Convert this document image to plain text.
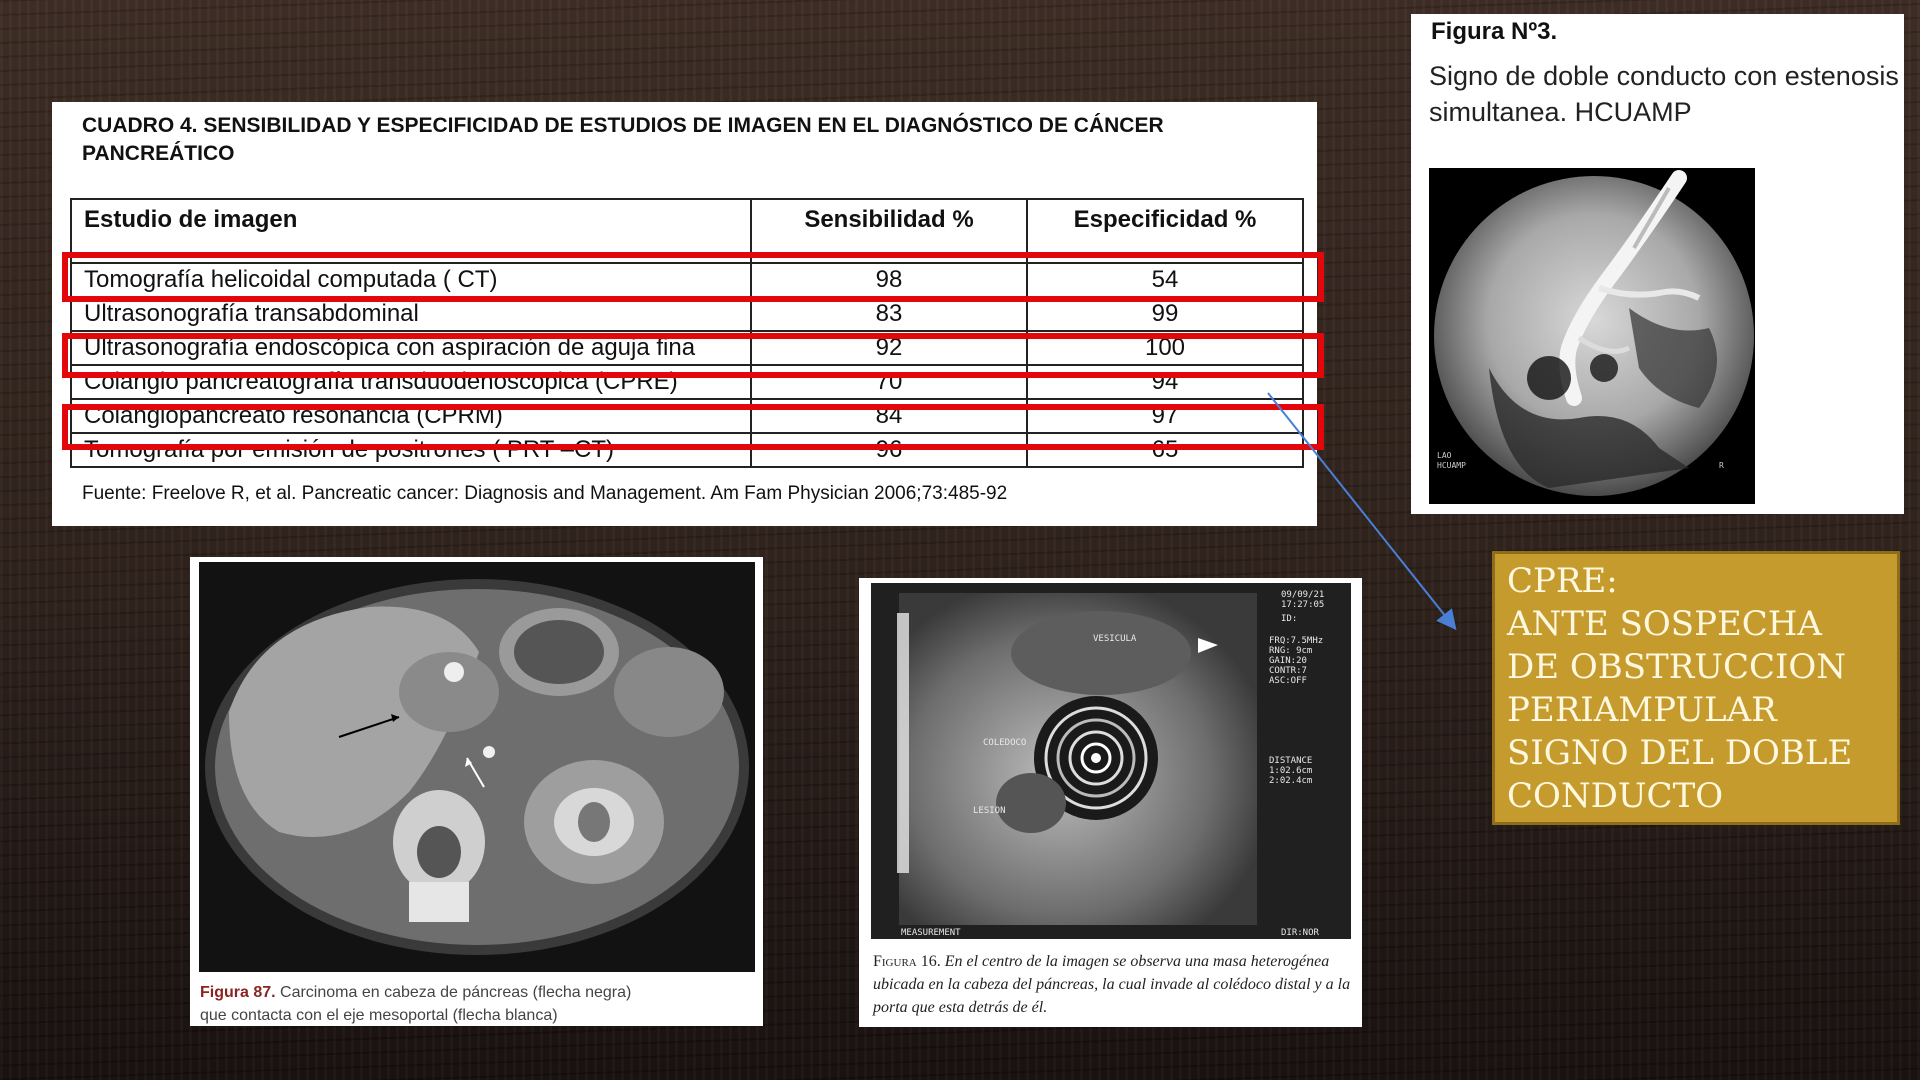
CUADRO 4. SENSIBILIDAD Y ESPECIFICIDAD DE ESTUDIOS DE IMAGEN EN EL DIAGNÓSTICO DE CÁNCER PANCREÁTICO
Estudio de imagen	Sensibilidad %	Especificidad %
Tomografía helicoidal computada ( CT)	98	54
Ultrasonografía transabdominal	83	99
Ultrasonografía endoscópica con aspiración de aguja fina	92	100
Colangio pancreatografía transduodenoscopica (CPRE)	70	94
Colangiopancreato resonancia (CPRM)	84	97
Tomografía por emisión de positrones ( PRT –CT)	96	65
Fuente: Freelove R, et al. Pancreatic cancer: Diagnosis and Management. Am Fam Physician 2006;73:485-92
Figura Nº3.
Signo de doble conducto con estenosis simultanea. HCUAMP
LAO
HCUAMP	R
CPRE:
ANTE SOSPECHA
DE OBSTRUCCION
PERIAMPULAR
SIGNO DEL DOBLE
CONDUCTO
Figura 87. Carcinoma en cabeza de páncreas (flecha negra)
que contacta con el eje mesoportal (flecha blanca)
09/09/21
17:27:05
ID:
FRQ:7.5MHz
RNG: 9cm
GAIN:20
CONTR:7
ASC:OFF
DISTANCE
1:02.6cm
2:02.4cm
VESICULA
COLEDOCO
LESION
MEASUREMENT	DIR:NOR
Figura 16. En el centro de la imagen se observa una masa heterogénea ubicada en la cabeza del páncreas, la cual invade al colédoco distal y a la porta que esta detrás de él.
